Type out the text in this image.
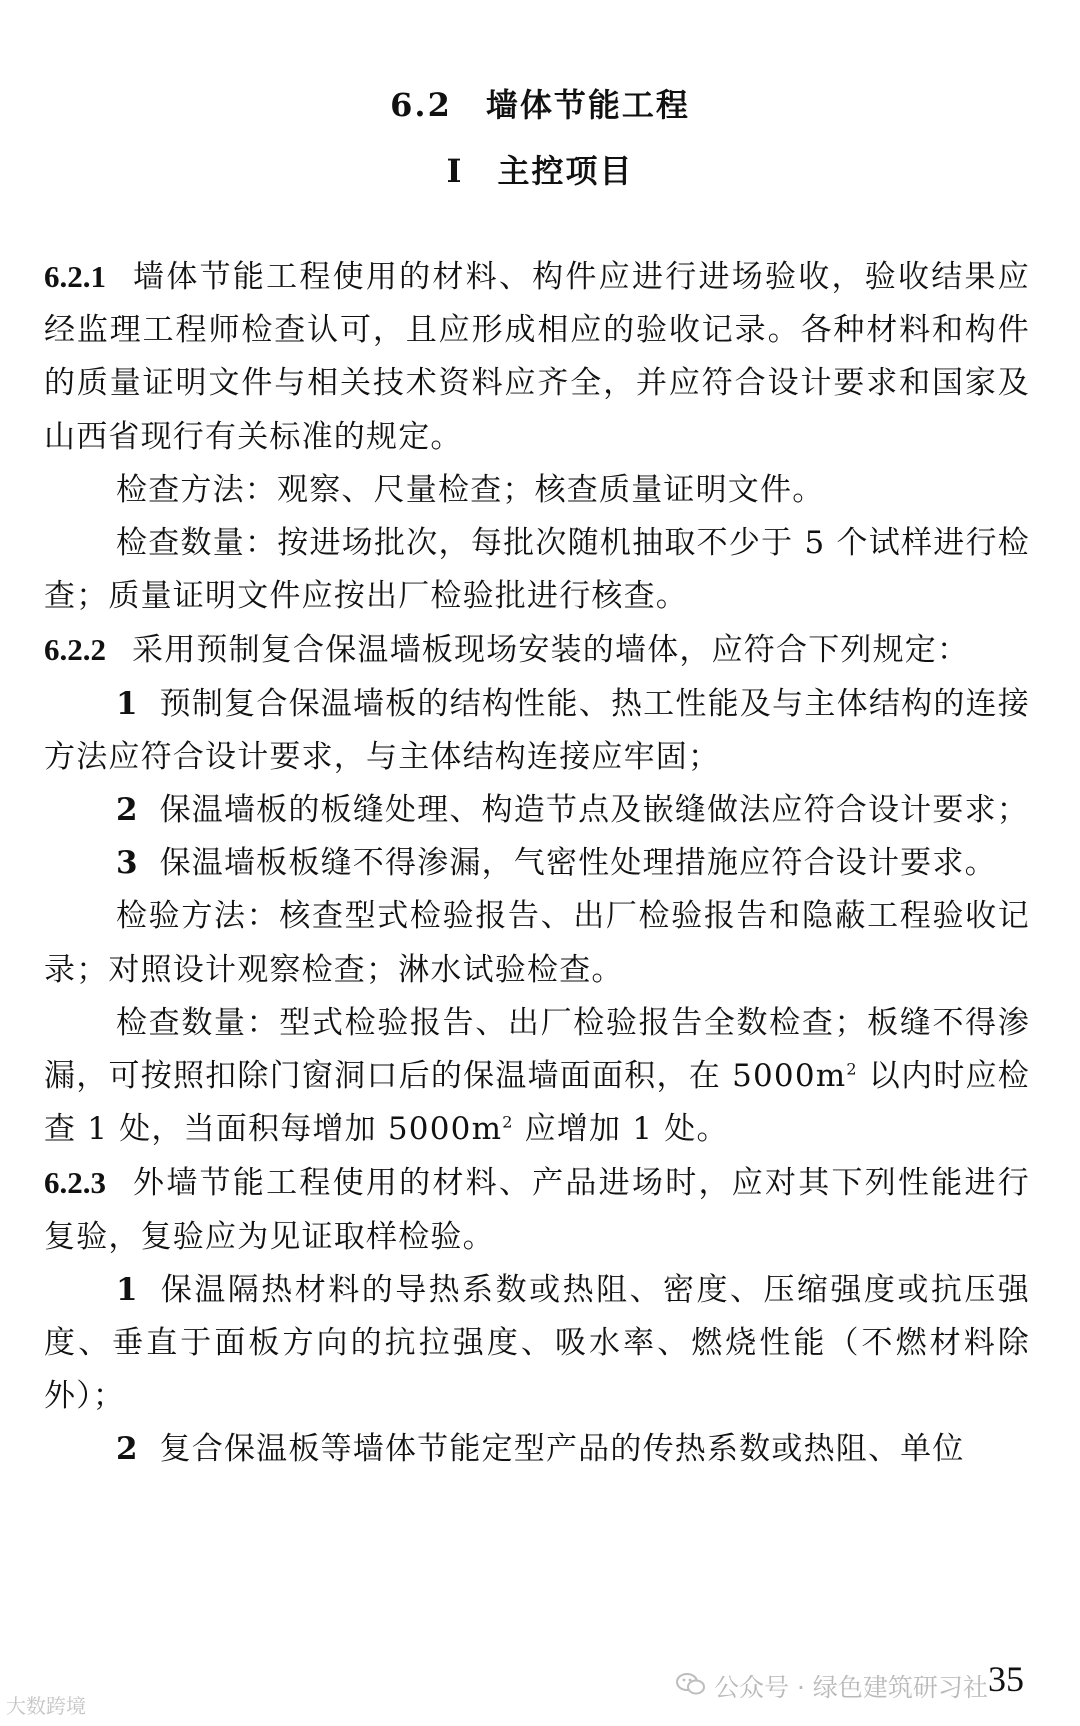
6.2 墙体节能工程
I 主控项目

6.2.1 墙体节能工程使用的材料、构件应进行进场验收，验收结果应经监理工程师检查认可，且应形成相应的验收记录。各种材料和构件的质量证明文件与相关技术资料应齐全，并应符合设计要求和国家及山西省现行有关标准的规定。

检查方法：观察、尺量检查；核查质量证明文件。

检查数量：按进场批次，每批次随机抽取不少于 5 个试样进行检查；质量证明文件应按出厂检验批进行核查。

6.2.2 采用预制复合保温墙板现场安装的墙体，应符合下列规定：

1 预制复合保温墙板的结构性能、热工性能及与主体结构的连接方法应符合设计要求，与主体结构连接应牢固；

2 保温墙板的板缝处理、构造节点及嵌缝做法应符合设计要求；

3 保温墙板板缝不得渗漏，气密性处理措施应符合设计要求。

检验方法：核查型式检验报告、出厂检验报告和隐蔽工程验收记录；对照设计观察检查；淋水试验检查。

检查数量：型式检验报告、出厂检验报告全数检查；板缝不得渗漏，可按照扣除门窗洞口后的保温墙面面积，在 $5000m^2$ 以内时应检查 1 处，当面积每增加 $5000m^2$ 应增加 1 处。

6.2.3 外墙节能工程使用的材料、产品进场时，应对其下列性能进行复验，复验应为见证取样检验。

1 保温隔热材料的导热系数或热阻、密度、压缩强度或抗压强度、垂直于面板方向的抗拉强度、吸水率、燃烧性能（不燃材料除外）；

2 复合保温板等墙体节能定型产品的传热系数或热阻、单位

35
公众号 · 绿色建筑研习社
大数跨境
